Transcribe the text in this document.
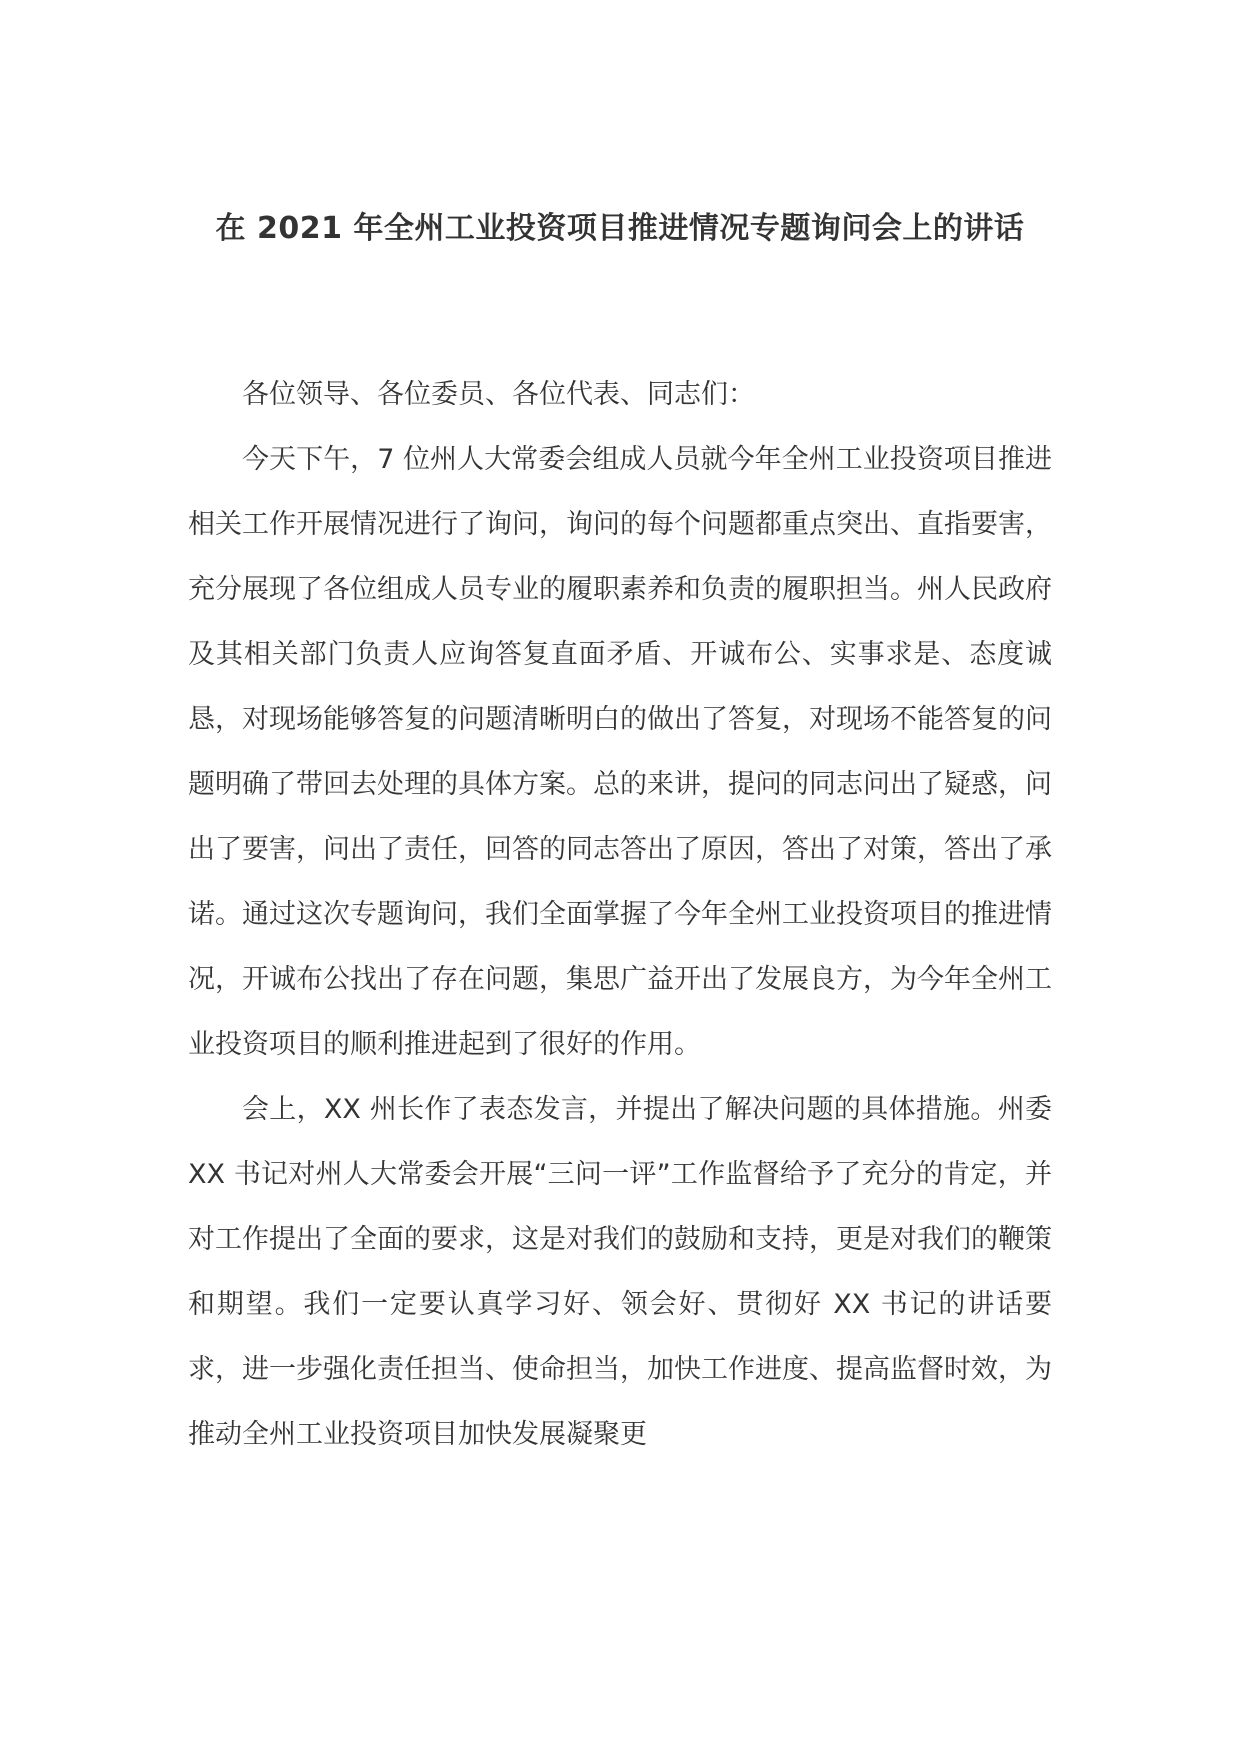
在 2021 年全州工业投资项目推进情况专题询问会上的讲话

各位领导、各位委员、各位代表、同志们：

今天下午，7 位州人大常委会组成人员就今年全州工业投资项目推进相关工作开展情况进行了询问，询问的每个问题都重点突出、直指要害，充分展现了各位组成人员专业的履职素养和负责的履职担当。州人民政府及其相关部门负责人应询答复直面矛盾、开诚布公、实事求是、态度诚恳，对现场能够答复的问题清晰明白的做出了答复，对现场不能答复的问题明确了带回去处理的具体方案。总的来讲，提问的同志问出了疑惑，问出了要害，问出了责任，回答的同志答出了原因，答出了对策，答出了承诺。通过这次专题询问，我们全面掌握了今年全州工业投资项目的推进情况，开诚布公找出了存在问题，集思广益开出了发展良方，为今年全州工业投资项目的顺利推进起到了很好的作用。

会上，XX 州长作了表态发言，并提出了解决问题的具体措施。州委 XX 书记对州人大常委会开展“三问一评”工作监督给予了充分的肯定，并对工作提出了全面的要求，这是对我们的鼓励和支持，更是对我们的鞭策和期望。我们一定要认真学习好、领会好、贯彻好 XX 书记的讲话要求，进一步强化责任担当、使命担当，加快工作进度、提高监督时效，为推动全州工业投资项目加快发展凝聚更
